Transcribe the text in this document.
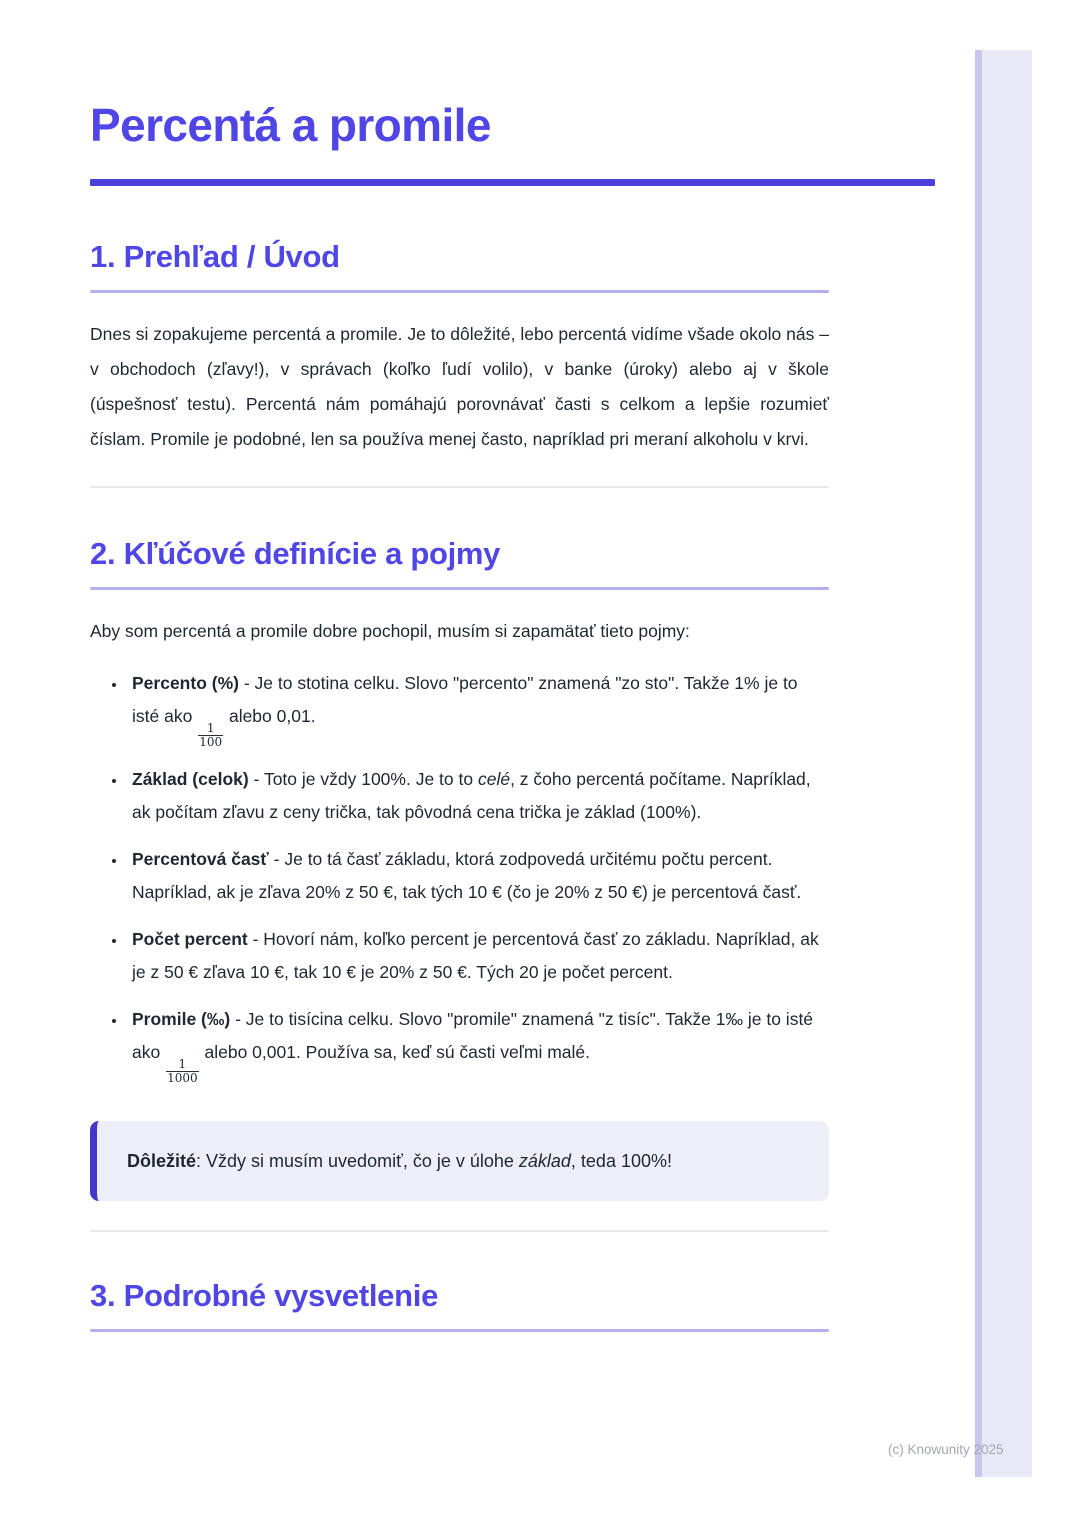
Percentá a promile
1. Prehľad / Úvod

Dnes si zopakujeme percentá a promile. Je to dôležité, lebo percentá vidíme všade okolo nás – v obchodoch (zľavy!), v správach (koľko ľudí volilo), v banke (úroky) alebo aj v škole (úspešnosť testu). Percentá nám pomáhajú porovnávať časti s celkom a lepšie rozumieť číslam. Promile je podobné, len sa používa menej často, napríklad pri meraní alkoholu v krvi.

2. Kľúčové definície a pojmy

Aby som percentá a promile dobre pochopil, musím si zapamätať tieto pojmy:

• Percento (%) - Je to stotina celku. Slovo "percento" znamená "zo sto". Takže 1% je to isté ako
$\frac{1}{100}$
alebo 0,01.
• Základ (celok) - Toto je vždy 100%. Je to to celé, z čoho percentá počítame. Napríklad, ak počítam zľavu z ceny trička, tak pôvodná cena trička je základ (100%).
• Percentová časť - Je to tá časť základu, ktorá zodpovedá určitému počtu percent. Napríklad, ak je zľava 20% z 50 €, tak tých 10 € (čo je 20% z 50 €) je percentová časť.
• Počet percent - Hovorí nám, koľko percent je percentová časť zo základu. Napríklad, ak je z 50 € zľava 10 €, tak 10 € je 20% z 50 €. Tých 20 je počet percent.
• Promile (‰) - Je to tisícina celku. Slovo "promile" znamená "z tisíc". Takže 1‰ je to isté ako
$\frac{1}{1000}$
alebo 0,001. Používa sa, keď sú časti veľmi malé.

Dôležité: Vždy si musím uvedomiť, čo je v úlohe základ, teda 100%!

3. Podrobné vysvetlenie
(c) Knowunity 2025
